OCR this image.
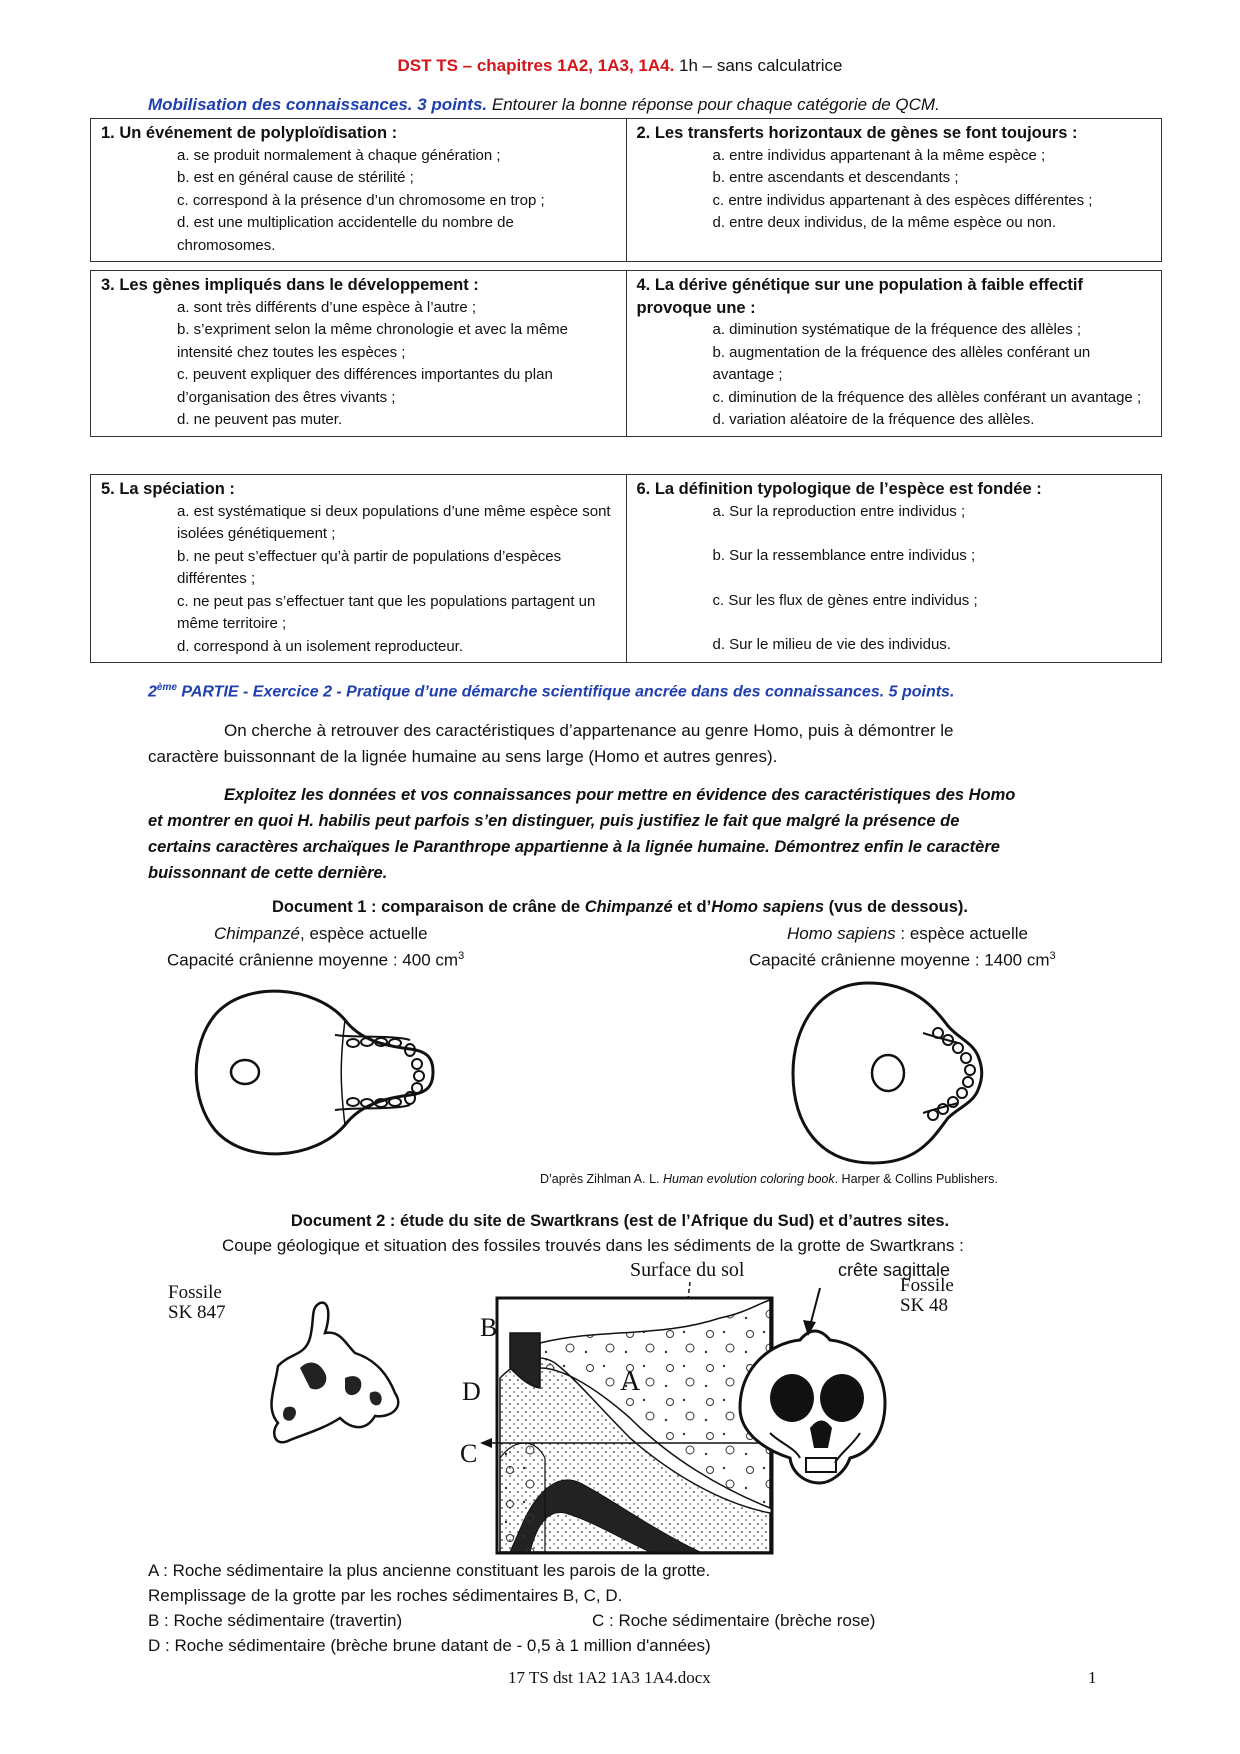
DST TS – chapitres 1A2, 1A3, 1A4. 1h – sans calculatrice
Mobilisation des connaissances. 3 points. Entourer la bonne réponse pour chaque catégorie de QCM.
1. Un événement de polyploïdisation :
a. se produit normalement à chaque génération ;
b. est en général cause de stérilité ;
c. correspond à la présence d’un chromosome en trop ;
d. est une multiplication accidentelle du nombre de chromosomes.

2. Les transferts horizontaux de gènes se font toujours :
a. entre individus appartenant à la même espèce ;
b. entre ascendants et descendants ;
c. entre individus appartenant à des espèces différentes ;
d. entre deux individus, de la même espèce ou non.
3. Les gènes impliqués dans le développement :
a. sont très différents d’une espèce à l’autre ;
b. s’expriment selon la même chronologie et avec la même intensité chez toutes les espèces ;
c. peuvent expliquer des différences importantes du plan d’organisation des êtres vivants ;
d. ne peuvent pas muter.

4. La dérive génétique sur une population à faible effectif provoque une :
a. diminution systématique de la fréquence des allèles ;
b. augmentation de la fréquence des allèles conférant un avantage ;
c. diminution de la fréquence des allèles conférant un avantage ;
d. variation aléatoire de la fréquence des allèles.
5. La spéciation :
a. est systématique si deux populations d’une même espèce sont isolées génétiquement ;
b. ne peut s’effectuer qu’à partir de populations d’espèces différentes ;
c. ne peut pas s’effectuer tant que les populations partagent un même territoire ;
d. correspond à un isolement reproducteur.

6. La définition typologique de l’espèce est fondée :
a. Sur la reproduction entre individus ;
b. Sur la ressemblance entre individus ;
c. Sur les flux de gènes entre individus ;
d. Sur le milieu de vie des individus.
2ème PARTIE - Exercice 2 - Pratique d’une démarche scientifique ancrée dans des connaissances. 5 points.
On cherche à retrouver des caractéristiques d’appartenance au genre Homo, puis à démontrer le
caractère buissonnant de la lignée humaine au sens large (Homo et autres genres).
Exploitez les données et vos connaissances pour mettre en évidence des caractéristiques des Homo
et montrer en quoi H. habilis peut parfois s’en distinguer, puis justifiez le fait que malgré la présence de
certains caractères archaïques le Paranthrope appartienne à la lignée humaine. Démontrez enfin le caractère
buissonnant de cette dernière.
Document 1 : comparaison de crâne de Chimpanzé et d’Homo sapiens (vus de dessous).
Chimpanzé, espèce actuelle
Capacité crânienne moyenne : 400 $cm^3$
Homo sapiens : espèce actuelle
Capacité crânienne moyenne : 1400 $cm^3$
D’après Zihlman A. L. Human evolution coloring book. Harper & Collins Publishers.
Document 2 : étude du site de Swartkrans (est de l’Afrique du Sud) et d’autres sites.
Coupe géologique et situation des fossiles trouvés dans les sédiments de la grotte de Swartkrans :
Surface du sol
B
D
C
A
Fossile
crête sagittale
SK 847
Fossile
SK 48
A : Roche sédimentaire la plus ancienne constituant les parois de la grotte.
Remplissage de la grotte par les roches sédimentaires B, C, D.
B : Roche sédimentaire (travertin)	C : Roche sédimentaire (brèche rose)
D : Roche sédimentaire (brèche brune datant de - 0,5 à 1 million d'années)
17 TS dst 1A2 1A3 1A4.docx	1
